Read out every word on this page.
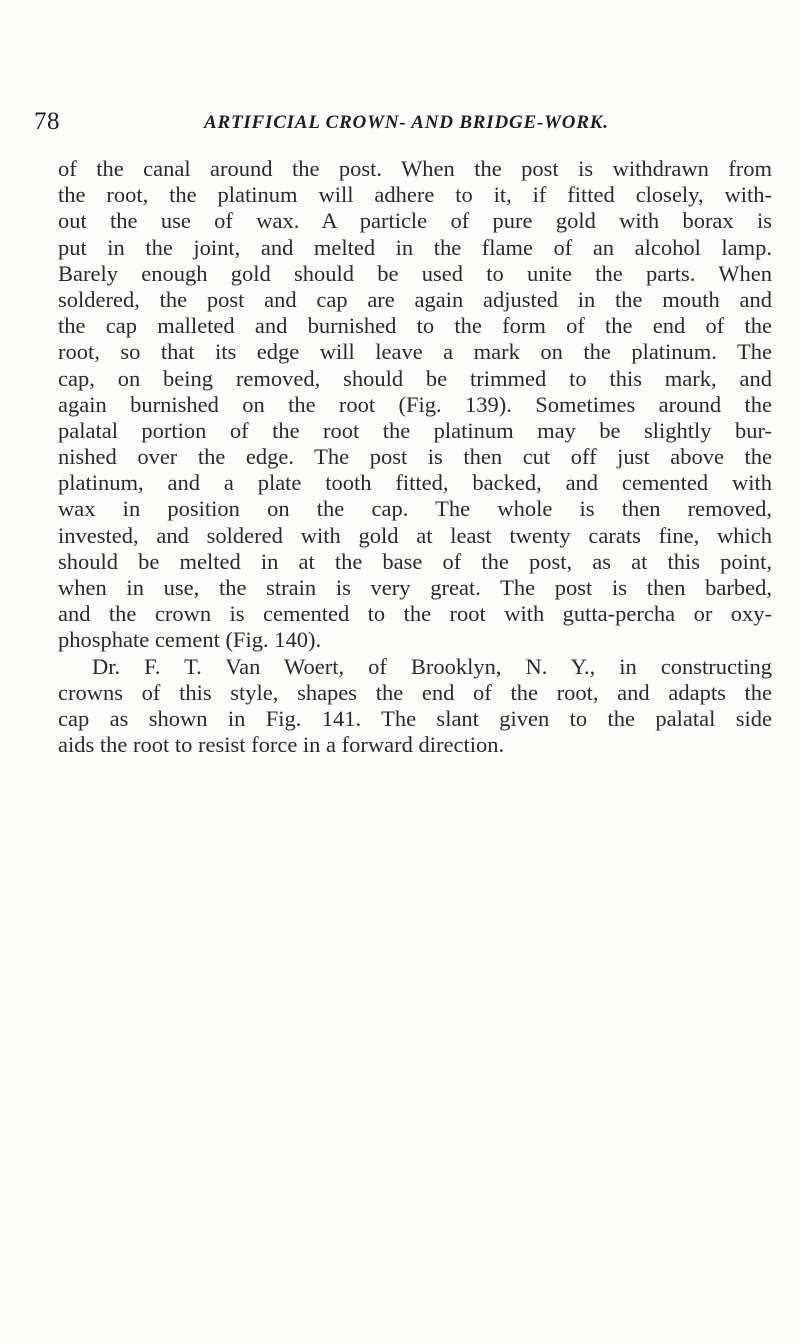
78	ARTIFICIAL CROWN- AND BRIDGE-WORK.
of the canal around the post. When the post is withdrawn from
the root, the platinum will adhere to it, if fitted closely, with-
out the use of wax. A particle of pure gold with borax is
put in the joint, and melted in the flame of an alcohol lamp.
Barely enough gold should be used to unite the parts. When
soldered, the post and cap are again adjusted in the mouth and
the cap malleted and burnished to the form of the end of the
root, so that its edge will leave a mark on the platinum. The
cap, on being removed, should be trimmed to this mark, and
again burnished on the root (Fig. 139). Sometimes around the
palatal portion of the root the platinum may be slightly bur-
nished over the edge. The post is then cut off just above the
platinum, and a plate tooth fitted, backed, and cemented with
wax in position on the cap. The whole is then removed,
invested, and soldered with gold at least twenty carats fine, which
should be melted in at the base of the post, as at this point,
when in use, the strain is very great. The post is then barbed,
and the crown is cemented to the root with gutta-percha or oxy-
phosphate cement (Fig. 140).
Dr. F. T. Van Woert, of Brooklyn, N. Y., in constructing
crowns of this style, shapes the end of the root, and adapts the
cap as shown in Fig. 141. The slant given to the palatal side
aids the root to resist force in a forward direction.
